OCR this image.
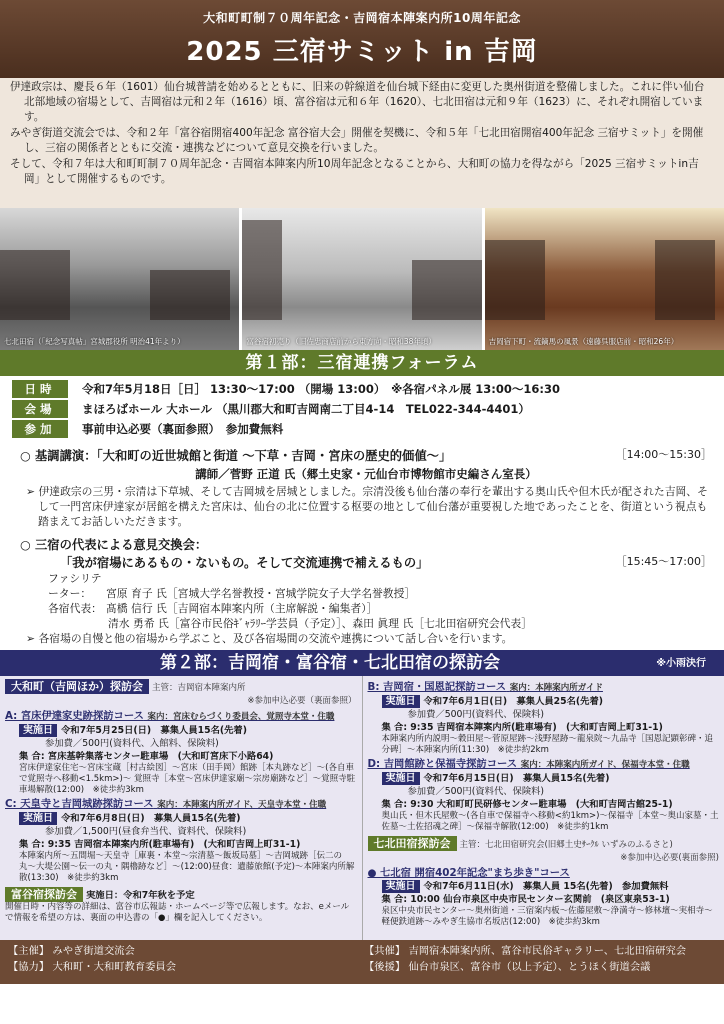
大和町町制７０周年記念・吉岡宿本陣案内所10周年記念
2025 三宿サミット in 吉岡

伊達政宗は、慶長６年（1601）仙台城普請を始めるとともに、旧来の幹線道を仙台城下経由に変更した奥州街道を整備しました。これに伴い仙台北部地域の宿場として、吉岡宿は元和２年（1616）頃、富谷宿は元和６年（1620）、七北田宿は元和９年（1623）に、それぞれ開宿しています。

みやぎ街道交流会では、令和２年「富谷宿開宿400年記念 富谷宿大会」開催を契機に、令和５年「七北田宿開宿400年記念 三宿サミット」を開催し、三宿の関係者とともに交流・連携などについて意見交換を行いました。

そして、令和７年は大和町町制７０周年記念・吉岡宿本陣案内所10周年記念となることから、大和町の協力を得ながら「2025 三宿サミットin吉岡」として開催するものです。

七北田宿（「紀念写真帖」宮城郡役所 明治41年より）	富谷宿初売り（旧佐忠商店前から東方向・昭和38年頃）	吉岡宿下町・流鏑馬の風景（遠藤呉服店前・昭和26年）
第１部：三宿連携フォーラム
日時	令和7年5月18日［日］ 13:30〜17:00 （開場 13:00）　※各宿パネル展 13:00〜16:30
会場	まほろばホール 大ホール （黒川郡大和町吉岡南二丁目4-14　TEL022-344-4401）
参加	事前申込必要（裏面参照）　参加費無料
○ 基調講演：「大和町の近世城館と街道 ～下草・吉岡・宮床の歴史的価値～」	［14:00〜15:30］
講師／菅野 正道 氏（郷土史家・元仙台市博物館市史編さん室長）
➢ 伊達政宗の三男・宗清は下草城、そして吉岡城を居城としました。宗清没後も仙台藩の奉行を輩出する奥山氏や但木氏が配された吉岡、そして一門宮床伊達家が居館を構えた宮床は、仙台の北に位置する枢要の地として仙台藩が重要視した地であったことを、街道という視点も踏まえてお話しいただきます。
○ 三宿の代表による意見交換会：
「我が宿場にあるもの・ないもの。そして交流連携で補えるもの」	［15:45〜17:00］
ファシリテーター： 宮原 育子 氏［宮城大学名誉教授・宮城学院女子大学名誉教授］
各宿代表： 髙橋 信行 氏［吉岡宿本陣案内所（主席解説・編集者）］
清水 勇希 氏［富谷市民俗ｷﾞｬﾗﾘｰ学芸員（予定）］、森田 眞理 氏［七北田宿研究会代表］
➢ 各宿場の自慢と他の宿場から学ぶこと、及び各宿場間の交流や連携について話し合いを行います。
第２部：吉岡宿・富谷宿・七北田宿の探訪会	※小雨決行
大和町（吉岡ほか）探訪会 主管：吉岡宿本陣案内所
※参加申込必要（裏面参照）
A: 宮床伊達家史跡探訪コース 案内：宮床むらづくり委員会、覚照寺本堂・住職
実施日 令和7年5月25日(日)　募集人員15名(先着)
参加費／500円(資料代、入館料、保険料)
集 合: 宮床基幹集落センター駐車場　(大和町宮床下小路64)
宮床伊達家住宅〜宮床宝蔵［村古絵図］〜宮床（田手岡）館跡［本丸跡など］〜(各自車で覚照寺へ移動<1.5km>)〜 覚照寺［本堂〜宮床伊達家廟〜宗房廟跡など］〜覚照寺駐車場解散(12:00)　※徒歩約3km
C: 天皇寺と吉岡城跡探訪コース 案内：本陣案内所ガイド、天皇寺本堂・住職
実施日 令和7年6月8日(日)　募集人員15名(先着)
参加費／1,500円(昼食弁当代、資料代、保険料)
集 合: 9:35 吉岡宿本陣案内所(駐車場有)　(大和町吉岡上町31-1)
本陣案内所〜五間堀〜天皇寺［庫裏・本堂〜宗清墓〜飯坂局墓］〜吉岡城跡［伝二の丸〜大堤公園〜伝一の丸・隅櫓跡など］〜(12:00)昼食：遺藤旅館(予定)〜本陣案内所解散(13:30)　※徒歩約3km
富谷宿探訪会 実施日：令和7年秋を予定
開催日時・内容等の詳細は、富谷市広報誌・ホームページ等で広報します。なお、eメールで情報を希望の方は、裏面の申込書の「●」欄を記入してください。
B: 吉岡宿・国恩記探訪コース 案内：本陣案内所ガイド
実施日 令和7年6月1日(日)　募集人員25名(先着)
参加費／500円(資料代、保険料)
集 合: 9:35 吉岡宿本陣案内所(駐車場有)　(大和町吉岡上町31-1)
本陣案内所内説明〜穀田屋〜菅原屋跡〜浅野屋跡〜龍泉院〜九品寺［国恩記顕彰碑・追分碑］〜本陣案内所(11:30)　※徒歩約2km
D: 吉岡館跡と保福寺探訪コース 案内：本陣案内所ガイド、保福寺本堂・住職
実施日 令和7年6月15日(日)　募集人員15名(先着)
参加費／500円(資料代、保険料)
集 合: 9:30 大和町町民研修センター駐車場　(大和町吉岡古館25-1)
奥山氏・但木氏屋敷〜(各自車で保福寺へ移動<約1km>)〜保福寺［本堂〜奥山家墓・土佐墓〜土佐招魂之碑］〜保福寺解散(12:00)　※徒歩約1km
七北田宿探訪会 主管：七北田宿研究会(旧郷土史ｻｰｸﾙ いずみのふるさと)
※参加申込必要(裏面参照)
● 七北宿 開宿402年記念"まち歩き"コース
実施日 令和7年6月11日(水)　募集人員 15名(先着)　参加費無料
集 合: 10:00 仙台市泉区中央市民センター玄関前　(泉区東泉53-1)
泉区中央市民センター〜奥州街道・三宿案内板〜佐藤屋敷〜浄満寺〜修林壇〜実相寺〜軽便鉄道跡〜みやぎ生協市名坂店(12:00)　※徒歩約3km
【主催】 みやぎ街道交流会	【共催】 吉岡宿本陣案内所、富谷市民俗ギャラリー、七北田宿研究会
【協力】 大和町・大和町教育委員会	【後援】 仙台市泉区、富谷市（以上予定）、とうほく街道会議
